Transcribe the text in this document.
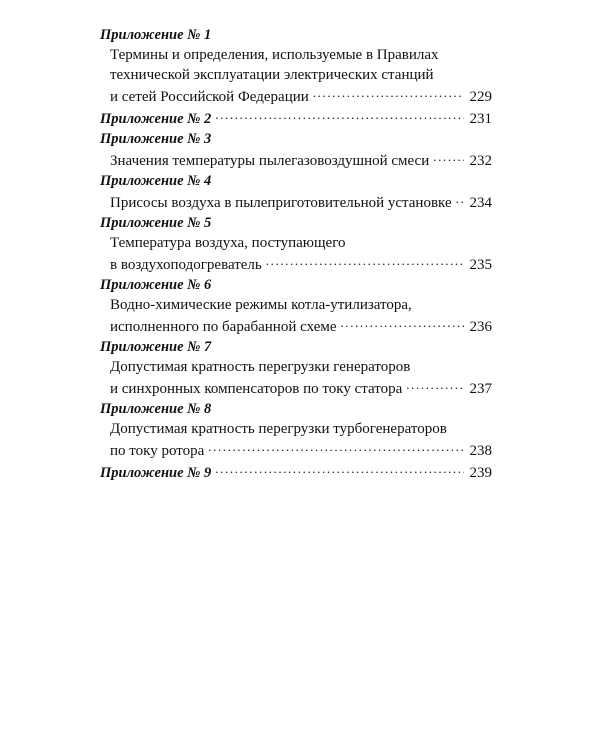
Приложение № 1
Термины и определения, используемые в Правилах
технической эксплуатации электрических станций
и сетей Российской Федерации .....	229
Приложение № 2 .....	231
Приложение № 3
Значения температуры пылегазовоздушной смеси .....	232
Приложение № 4
Присосы воздуха в пылеприготовительной установке ..... 234
Приложение № 5
Температура воздуха, поступающего
в воздухоподогреватель .....	235
Приложение № 6
Водно-химические режимы котла-утилизатора,
исполненного по барабанной схеме .....	236
Приложение № 7
Допустимая кратность перегрузки генераторов
и синхронных компенсаторов по току статора .....	237
Приложение № 8
Допустимая кратность перегрузки турбогенераторов
по току ротора .....	238
Приложение № 9 .....	239
